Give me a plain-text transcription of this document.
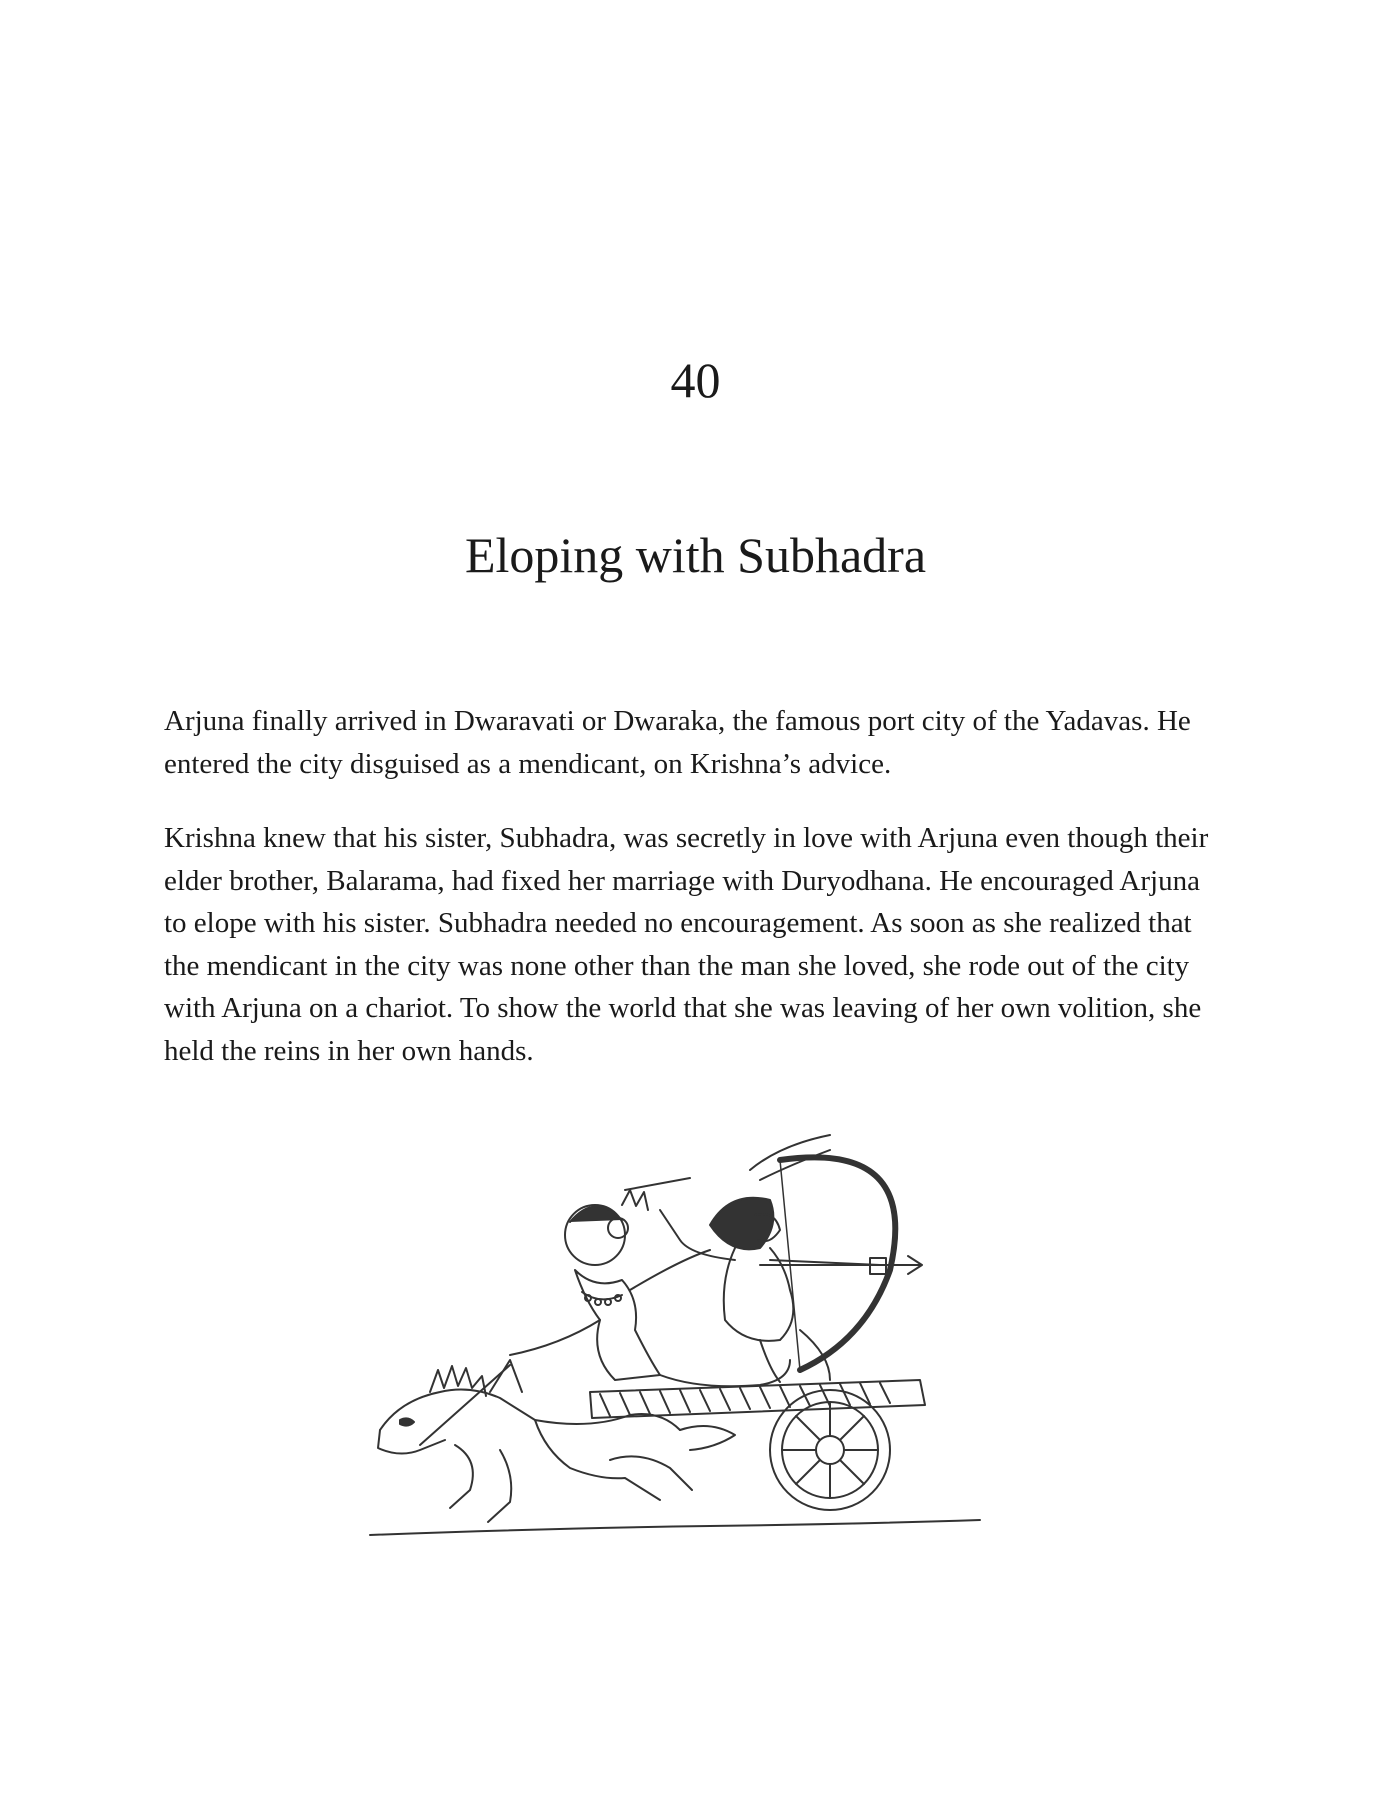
40
Eloping with Subhadra

Arjuna finally arrived in Dwaravati or Dwaraka, the famous port city of the Yadavas. He entered the city disguised as a mendicant, on Krishna’s advice.

Krishna knew that his sister, Subhadra, was secretly in love with Arjuna even though their elder brother, Balarama, had fixed her marriage with Duryodhana. He encouraged Arjuna to elope with his sister. Subhadra needed no encouragement. As soon as she realized that the mendicant in the city was none other than the man she loved, she rode out of the city with Arjuna on a chariot. To show the world that she was leaving of her own volition, she held the reins in her own hands.
